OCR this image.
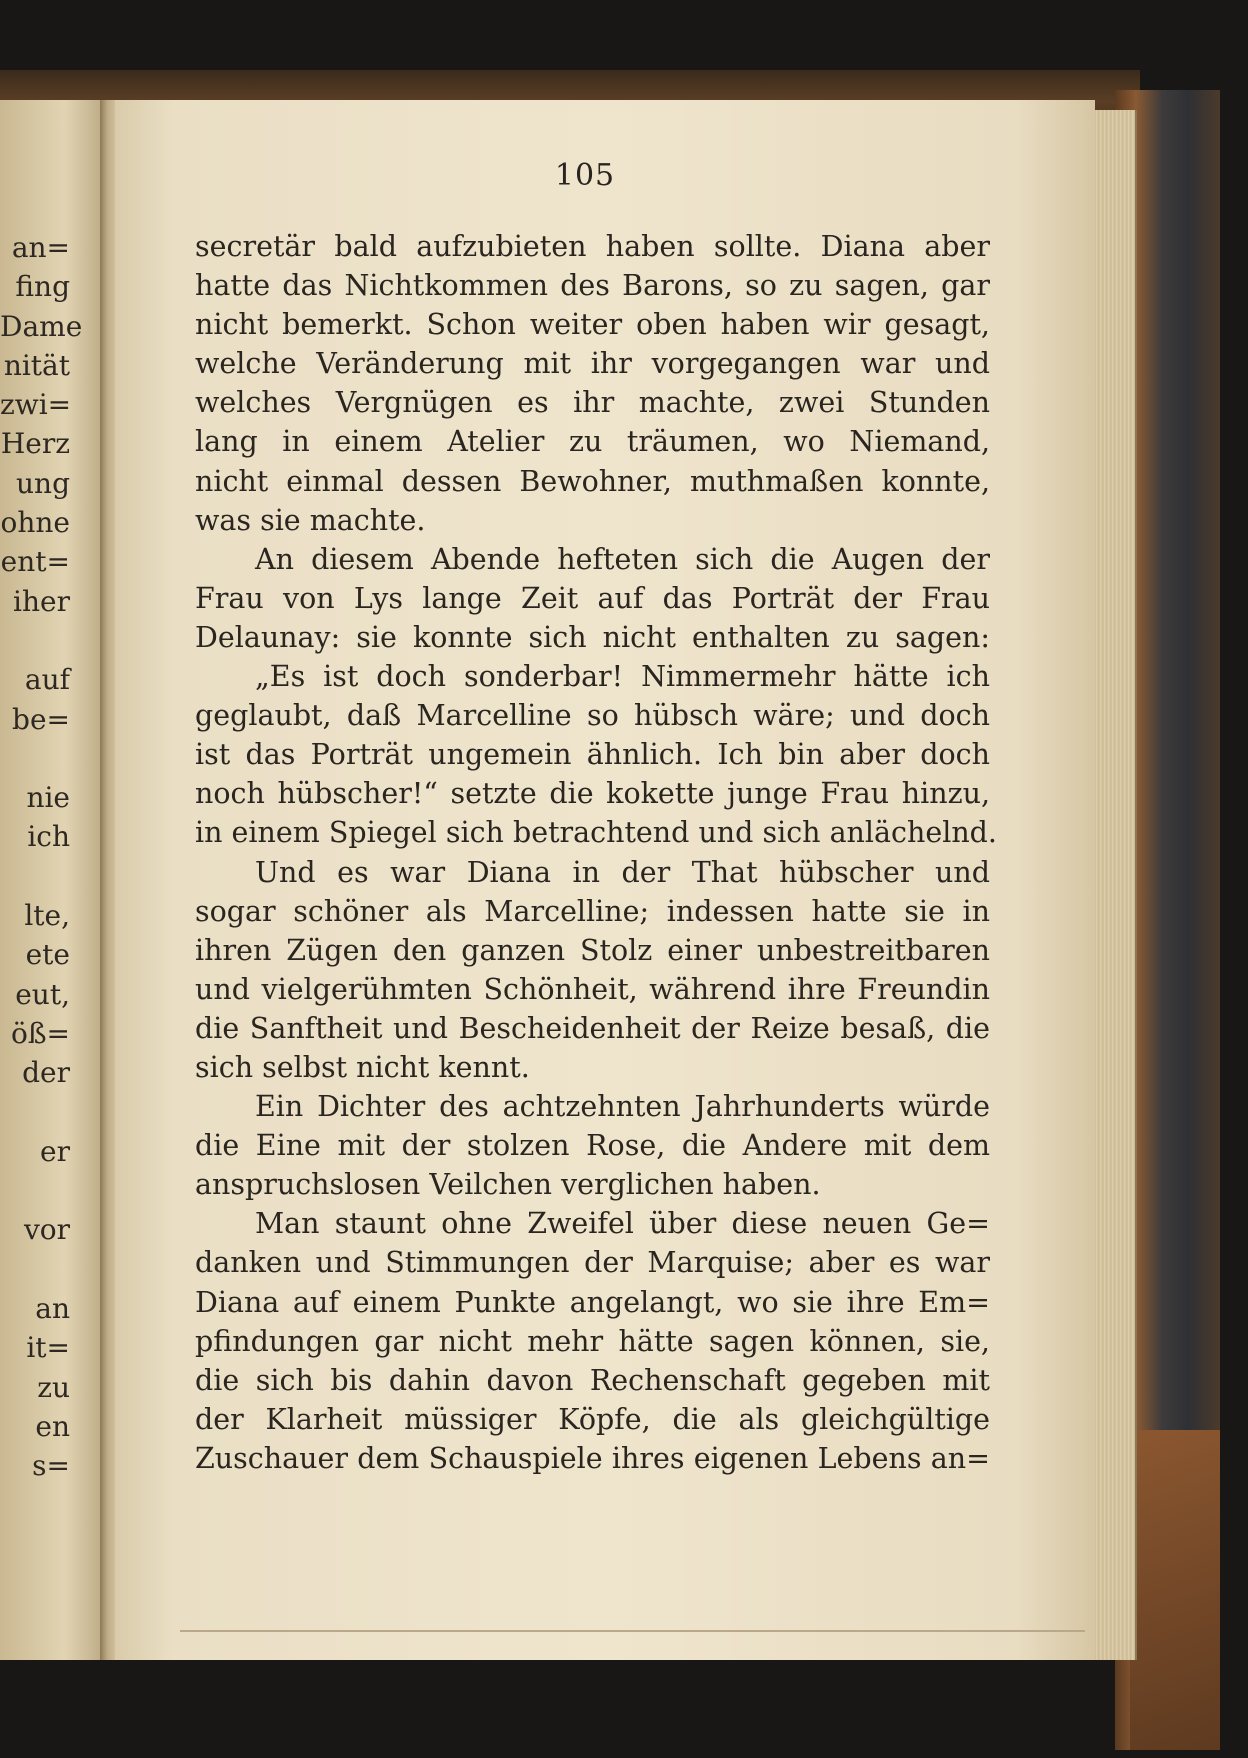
105
secretär bald aufzubieten haben sollte. Diana aber
hatte das Nichtkommen des Barons, so zu sagen, gar
nicht bemerkt. Schon weiter oben haben wir gesagt,
welche Veränderung mit ihr vorgegangen war und
welches Vergnügen es ihr machte, zwei Stunden
lang in einem Atelier zu träumen, wo Niemand,
nicht einmal dessen Bewohner, muthmaßen konnte,
was sie machte.
An diesem Abende hefteten sich die Augen der
Frau von Lys lange Zeit auf das Porträt der Frau
Delaunay: sie konnte sich nicht enthalten zu sagen:
„Es ist doch sonderbar! Nimmermehr hätte ich
geglaubt, daß Marcelline so hübsch wäre; und doch
ist das Porträt ungemein ähnlich. Ich bin aber doch
noch hübscher!“ setzte die kokette junge Frau hinzu,
in einem Spiegel sich betrachtend und sich anlächelnd.
Und es war Diana in der That hübscher und
sogar schöner als Marcelline; indessen hatte sie in
ihren Zügen den ganzen Stolz einer unbestreitbaren
und vielgerühmten Schönheit, während ihre Freundin
die Sanftheit und Bescheidenheit der Reize besaß, die
sich selbst nicht kennt.
Ein Dichter des achtzehnten Jahrhunderts würde
die Eine mit der stolzen Rose, die Andere mit dem
anspruchslosen Veilchen verglichen haben.
Man staunt ohne Zweifel über diese neuen Ge=
danken und Stimmungen der Marquise; aber es war
Diana auf einem Punkte angelangt, wo sie ihre Em=
pfindungen gar nicht mehr hätte sagen können, sie,
die sich bis dahin davon Rechenschaft gegeben mit
der Klarheit müssiger Köpfe, die als gleichgültige
Zuschauer dem Schauspiele ihres eigenen Lebens an=
an=
fing
Dame
nität
zwi=
Herz
ung
ohne
ent=
iher
auf
be=
nie
ich
lte,
ete
eut,
öß=
der
er
vor
an
it=
zu
en
s=
